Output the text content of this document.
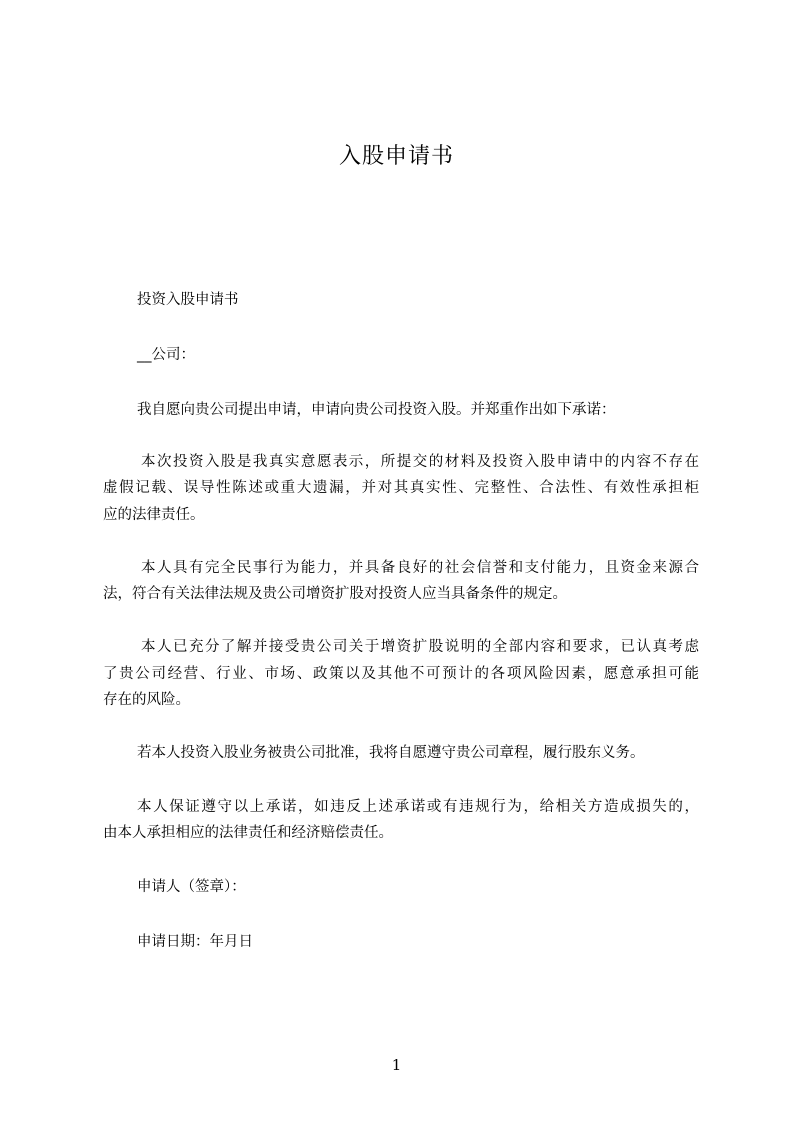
入股申请书
投资入股申请书
__公司：
我自愿向贵公司提出申请，申请向贵公司投资入股。并郑重作出如下承诺：
本次投资入股是我真实意愿表示，所提交的材料及投资入股申请中的内容不存在
虚假记载、误导性陈述或重大遗漏，并对其真实性、完整性、合法性、有效性承担柜
应的法律责任。
本人具有完全民事行为能力，并具备良好的社会信誉和支付能力，且资金来源合
法，符合有关法律法规及贵公司增资扩股对投资人应当具备条件的规定。
本人已充分了解并接受贵公司关于增资扩股说明的全部内容和要求，已认真考虑
了贵公司经营、行业、市场、政策以及其他不可预计的各项风险因素，愿意承担可能
存在的风险。
若本人投资入股业务被贵公司批准，我将自愿遵守贵公司章程，履行股东义务。
本人保证遵守以上承诺，如违反上述承诺或有违规行为，给相关方造成损失的，
由本人承担相应的法律责任和经济赔偿责任。
申请人（签章）：
申请日期：年月日
1
